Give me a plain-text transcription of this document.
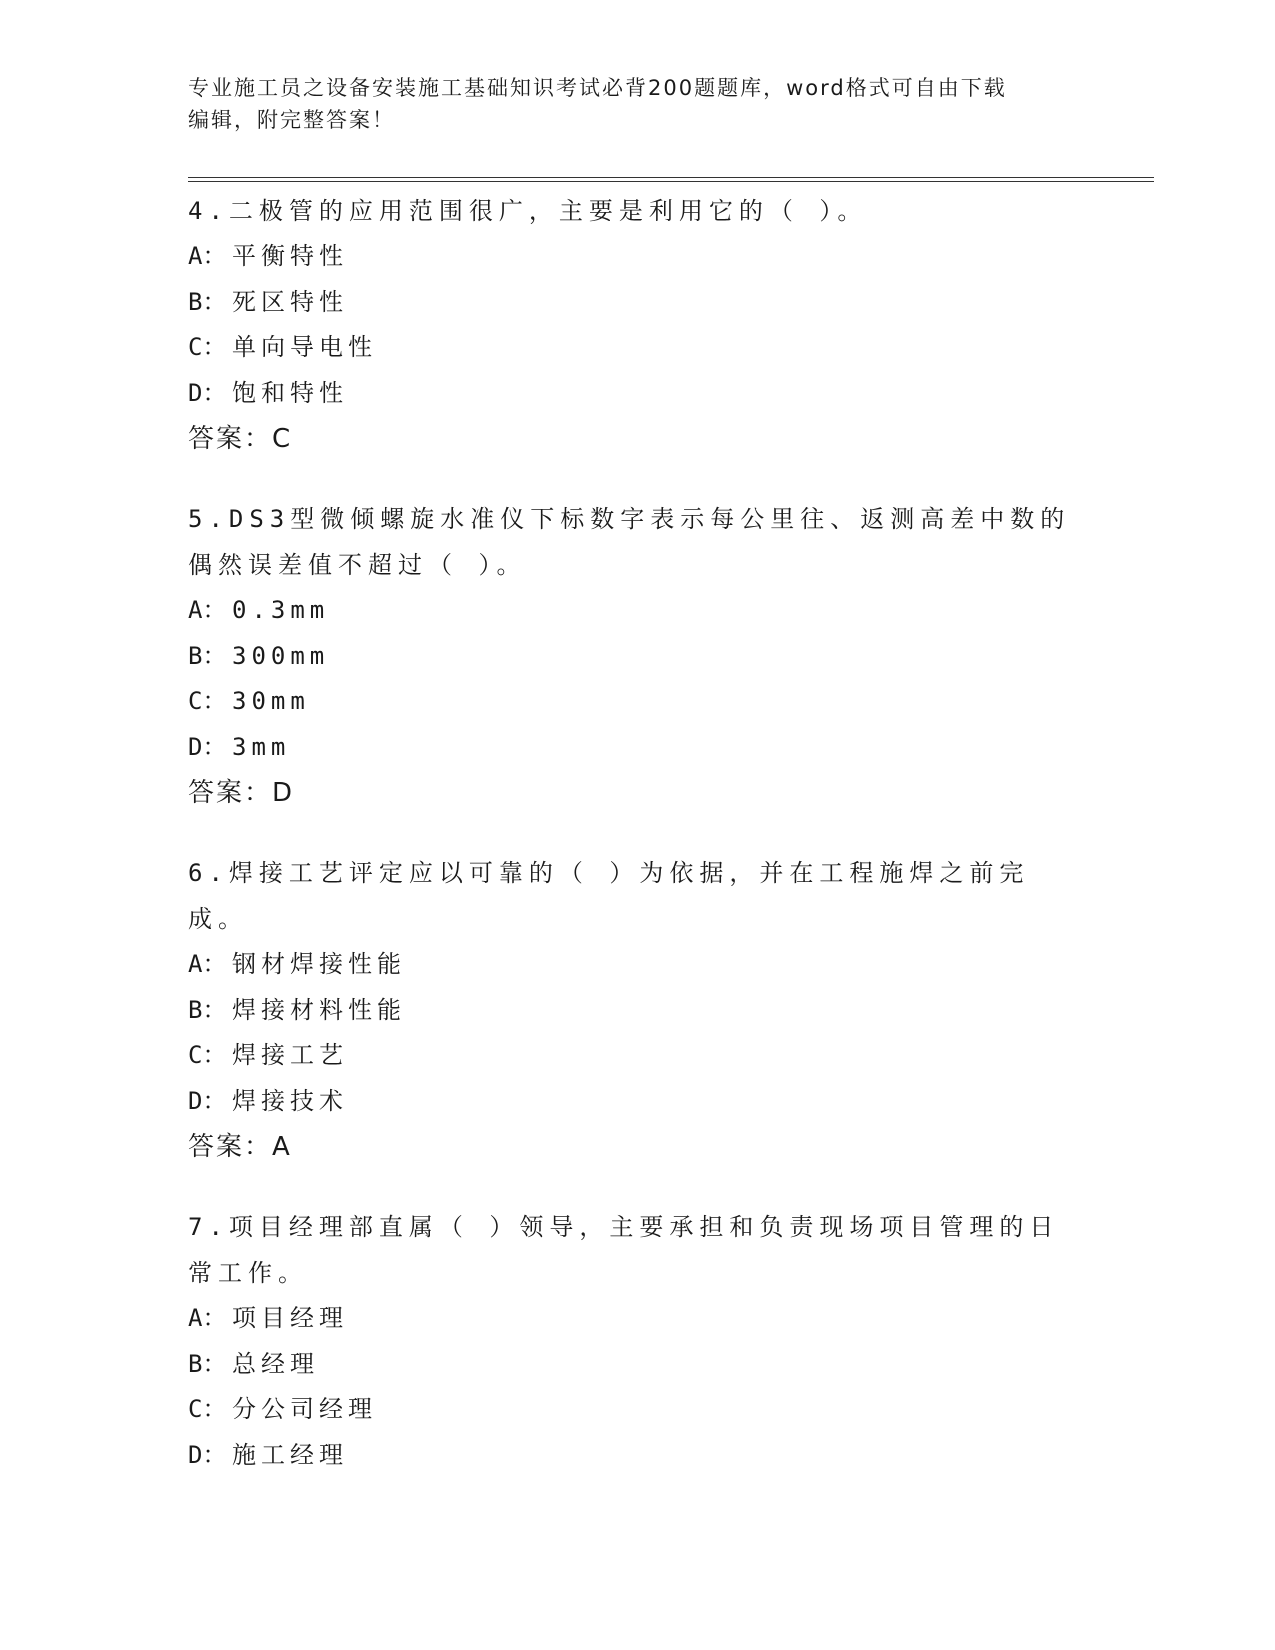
专业施工员之设备安装施工基础知识考试必背200题题库，word格式可自由下载
编辑，附完整答案！

4.二极管的应用范围很广，主要是利用它的（ ）。

A： 平衡特性

B： 死区特性

C： 单向导电性

D： 饱和特性

答案：C

5.DS3型微倾螺旋水准仪下标数字表示每公里往、返测高差中数的偶然误差值不超过（ ）。

A： 0.3mm

B： 300mm

C： 30mm

D： 3mm

答案：D

6.焊接工艺评定应以可靠的（ ）为依据，并在工程施焊之前完成。

A： 钢材焊接性能

B： 焊接材料性能

C： 焊接工艺

D： 焊接技术

答案：A

7.项目经理部直属（ ）领导，主要承担和负责现场项目管理的日常工作。

A： 项目经理

B： 总经理

C： 分公司经理

D： 施工经理
